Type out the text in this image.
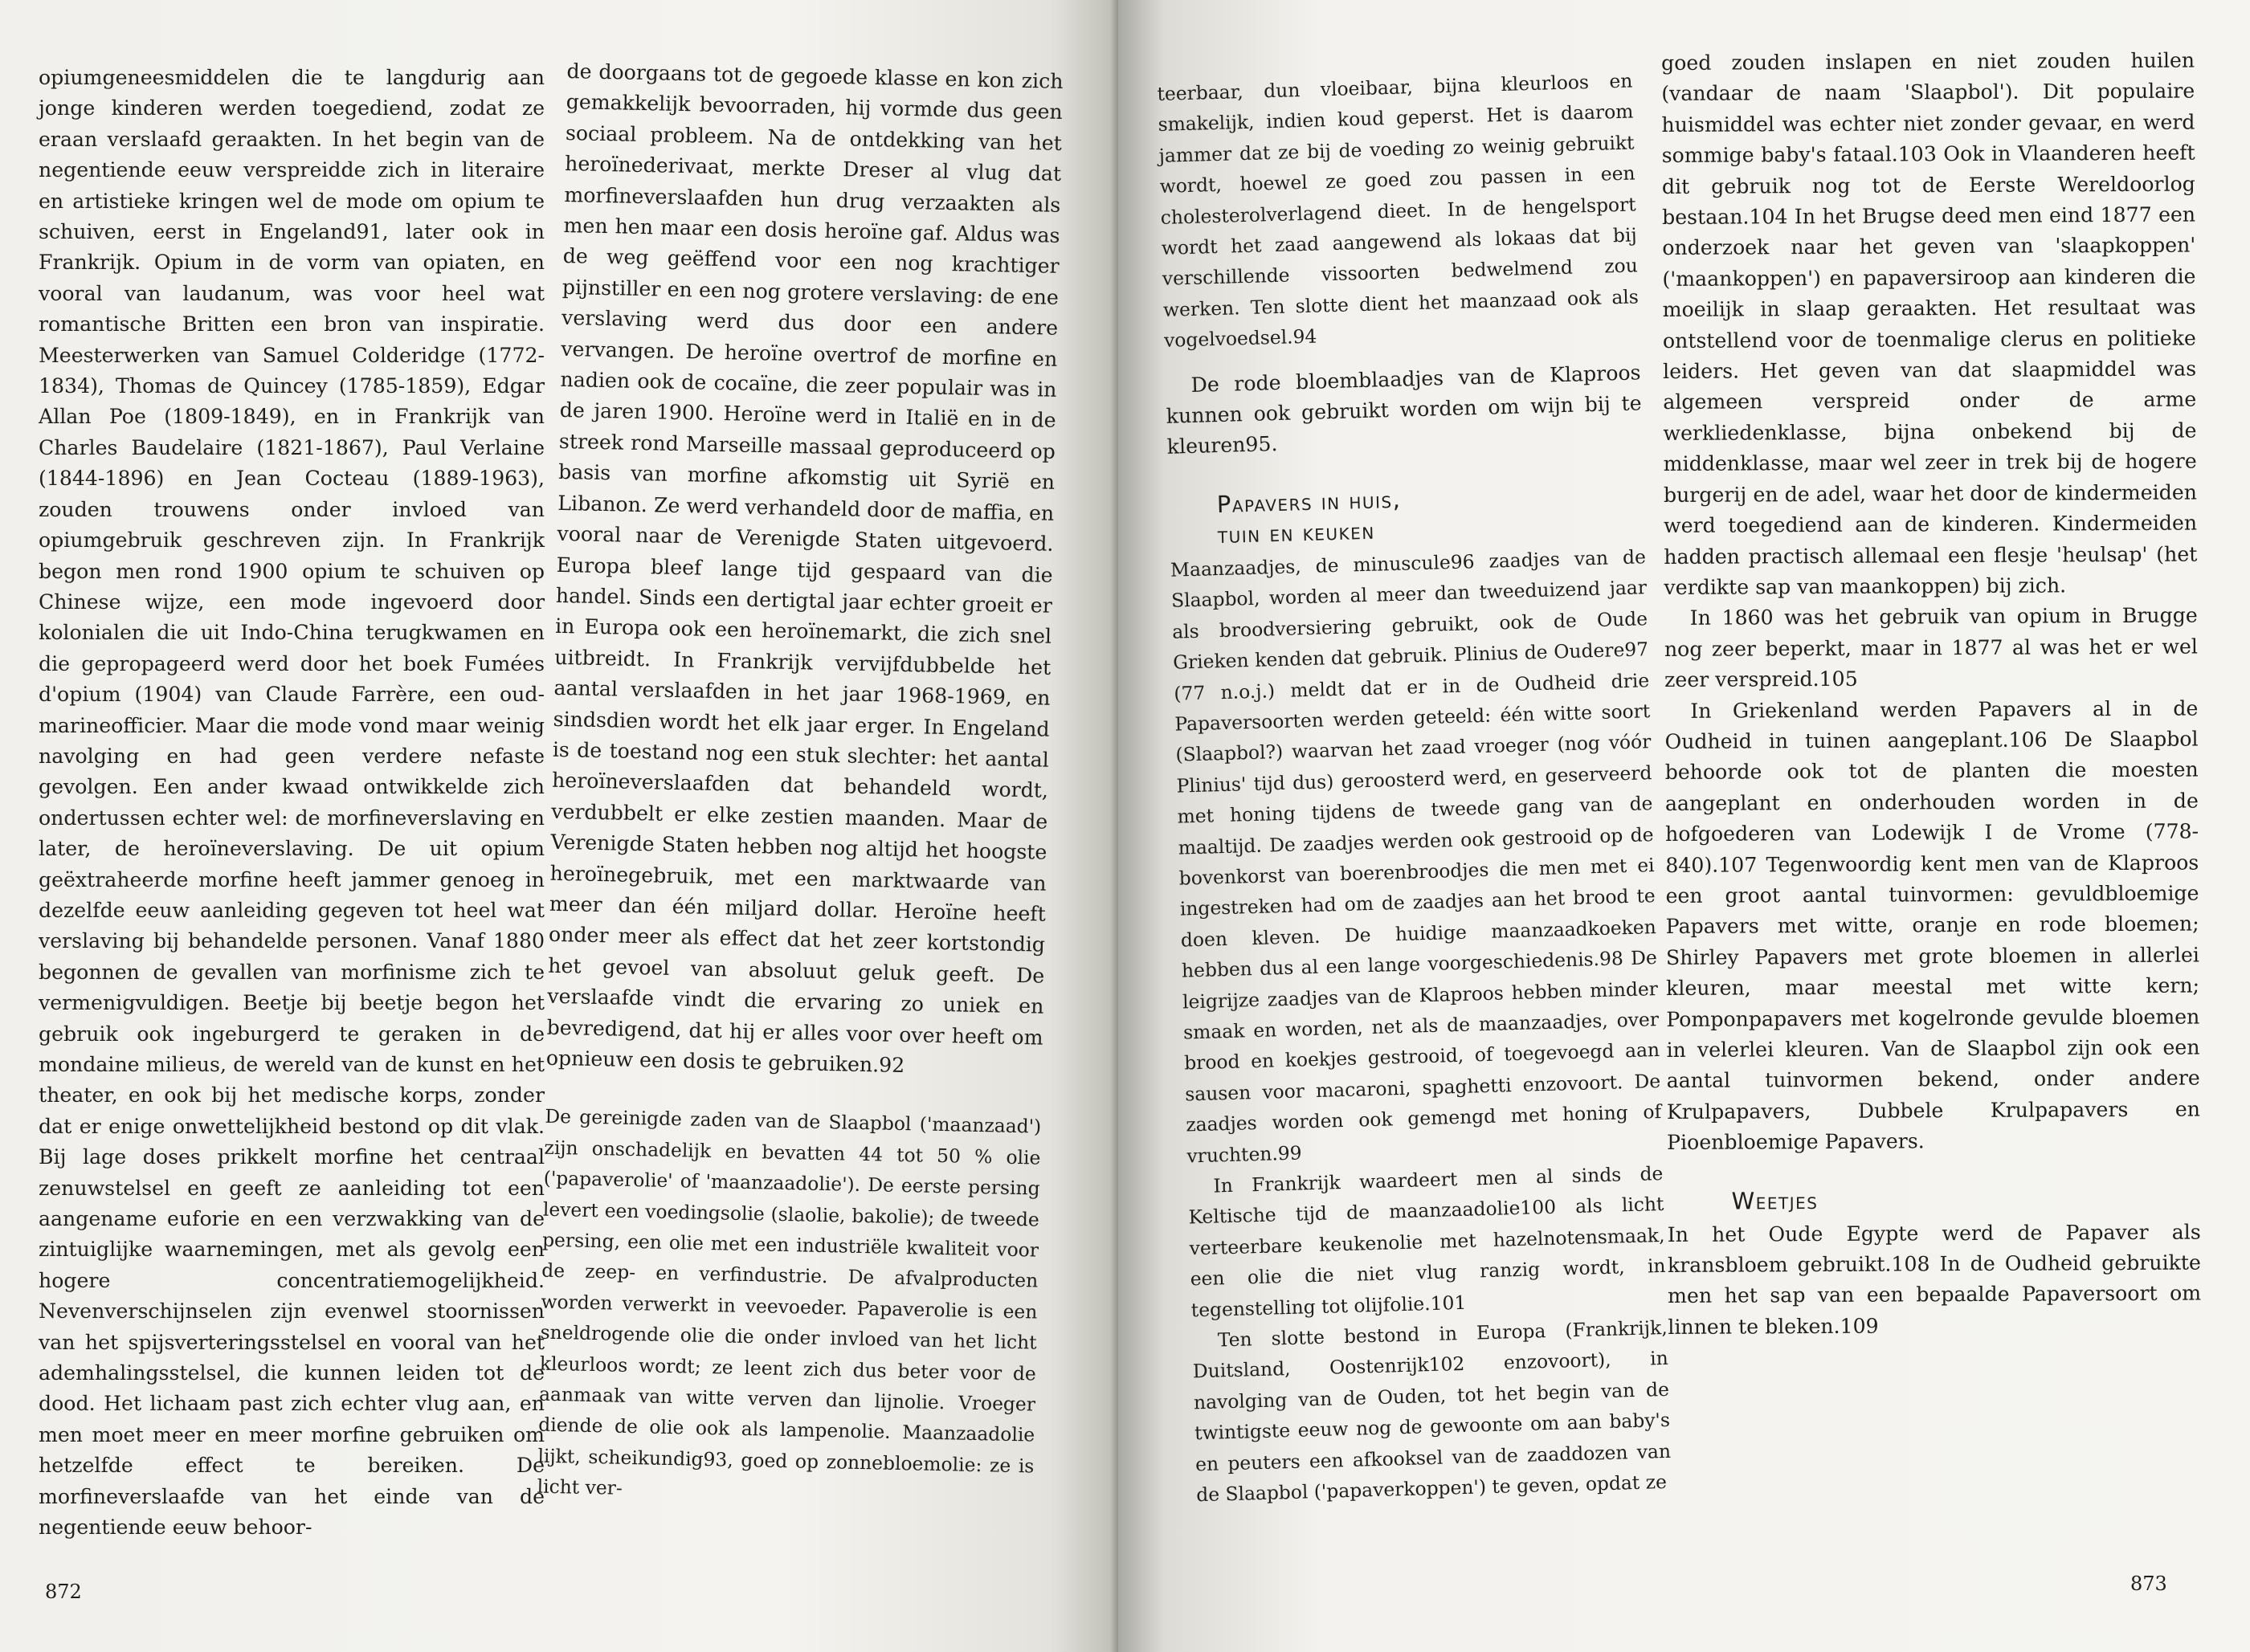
opiumgeneesmiddelen die te langdurig aan jonge kinderen werden toegediend, zodat ze eraan verslaafd geraakten. In het begin van de negentiende eeuw verspreidde zich in literaire en artistieke kringen wel de mode om opium te schuiven, eerst in Engeland91, later ook in Frankrijk. Opium in de vorm van opiaten, en vooral van laudanum, was voor heel wat romantische Britten een bron van inspiratie. Meesterwerken van Samuel Colderidge (1772-1834), Thomas de Quincey (1785-1859), Edgar Allan Poe (1809-1849), en in Frankrijk van Charles Baudelaire (1821-1867), Paul Verlaine (1844-1896) en Jean Cocteau (1889-1963), zouden trouwens onder invloed van opiumgebruik geschreven zijn. In Frankrijk begon men rond 1900 opium te schuiven op Chinese wijze, een mode ingevoerd door kolonialen die uit Indo-China terugkwamen en die gepropageerd werd door het boek Fumées d'opium (1904) van Claude Farrère, een oud-marineofficier. Maar die mode vond maar weinig navolging en had geen verdere nefaste gevolgen. Een ander kwaad ontwikkelde zich ondertussen echter wel: de morfineverslaving en later, de heroïneverslaving. De uit opium geëxtraheerde morfine heeft jammer genoeg in dezelfde eeuw aanleiding gegeven tot heel wat verslaving bij behandelde personen. Vanaf 1880 begonnen de gevallen van morfinisme zich te vermenigvuldigen. Beetje bij beetje begon het gebruik ook ingeburgerd te geraken in de mondaine milieus, de wereld van de kunst en het theater, en ook bij het medische korps, zonder dat er enige onwettelijkheid bestond op dit vlak. Bij lage doses prikkelt morfine het centraal zenuwstelsel en geeft ze aanleiding tot een aangename euforie en een verzwakking van de zintuiglijke waarnemingen, met als gevolg een hogere concentratiemogelijkheid. Nevenverschijnselen zijn evenwel stoornissen van het spijsverteringsstelsel en vooral van het ademhalingsstelsel, die kunnen leiden tot de dood. Het lichaam past zich echter vlug aan, en men moet meer en meer morfine gebruiken om hetzelfde effect te bereiken. De morfineverslaafde van het einde van de negentiende eeuw behoor-

de doorgaans tot de gegoede klasse en kon zich gemakkelijk bevoorraden, hij vormde dus geen sociaal probleem. Na de ontdekking van het heroïnederivaat, merkte Dreser al vlug dat morfineverslaafden hun drug verzaakten als men hen maar een dosis heroïne gaf. Aldus was de weg geëffend voor een nog krachtiger pijnstiller en een nog grotere verslaving: de ene verslaving werd dus door een andere vervangen. De heroïne overtrof de morfine en nadien ook de cocaïne, die zeer populair was in de jaren 1900. Heroïne werd in Italië en in de streek rond Marseille massaal geproduceerd op basis van morfine afkomstig uit Syrië en Libanon. Ze werd verhandeld door de maffia, en vooral naar de Verenigde Staten uitgevoerd. Europa bleef lange tijd gespaard van die handel. Sinds een dertigtal jaar echter groeit er in Europa ook een heroïnemarkt, die zich snel uitbreidt. In Frankrijk vervijfdubbelde het aantal verslaafden in het jaar 1968-1969, en sindsdien wordt het elk jaar erger. In Engeland is de toestand nog een stuk slechter: het aantal heroïneverslaafden dat behandeld wordt, verdubbelt er elke zestien maanden. Maar de Verenigde Staten hebben nog altijd het hoogste heroïnegebruik, met een marktwaarde van meer dan één miljard dollar. Heroïne heeft onder meer als effect dat het zeer kortstondig het gevoel van absoluut geluk geeft. De verslaafde vindt die ervaring zo uniek en bevredigend, dat hij er alles voor over heeft om opnieuw een dosis te gebruiken.92

De gereinigde zaden van de Slaapbol ('maanzaad') zijn onschadelijk en bevatten 44 tot 50 % olie ('papaverolie' of 'maanzaadolie'). De eerste persing levert een voedingsolie (slaolie, bakolie); de tweede persing, een olie met een industriële kwaliteit voor de zeep- en verfindustrie. De afvalproducten worden verwerkt in veevoeder. Papaverolie is een sneldrogende olie die onder invloed van het licht kleurloos wordt; ze leent zich dus beter voor de aanmaak van witte verven dan lijnolie. Vroeger diende de olie ook als lampenolie. Maanzaadolie lijkt, scheikundig93, goed op zonnebloemolie: ze is licht ver-

872

teerbaar, dun vloeibaar, bijna kleurloos en smakelijk, indien koud geperst. Het is daarom jammer dat ze bij de voeding zo weinig gebruikt wordt, hoewel ze goed zou passen in een cholesterolverlagend dieet. In de hengelsport wordt het zaad aangewend als lokaas dat bij verschillende vissoorten bedwelmend zou werken. Ten slotte dient het maanzaad ook als vogelvoedsel.94

De rode bloemblaadjes van de Klaproos kunnen ook gebruikt worden om wijn bij te kleuren95.

Papavers in huis,
tuin en keuken

Maanzaadjes, de minuscule96 zaadjes van de Slaapbol, worden al meer dan tweeduizend jaar als broodversiering gebruikt, ook de Oude Grieken kenden dat gebruik. Plinius de Oudere97 (77 n.o.j.) meldt dat er in de Oudheid drie Papaversoorten werden geteeld: één witte soort (Slaapbol?) waarvan het zaad vroeger (nog vóór Plinius' tijd dus) geroosterd werd, en geserveerd met honing tijdens de tweede gang van de maaltijd. De zaadjes werden ook gestrooid op de bovenkorst van boerenbroodjes die men met ei ingestreken had om de zaadjes aan het brood te doen kleven. De huidige maanzaadkoeken hebben dus al een lange voorgeschiedenis.98 De leigrijze zaadjes van de Klaproos hebben minder smaak en worden, net als de maanzaadjes, over brood en koekjes gestrooid, of toegevoegd aan sausen voor macaroni, spaghetti enzovoort. De zaadjes worden ook gemengd met honing of vruchten.99

In Frankrijk waardeert men al sinds de Keltische tijd de maanzaadolie100 als licht verteerbare keukenolie met hazelnotensmaak, een olie die niet vlug ranzig wordt, in tegenstelling tot olijfolie.101

Ten slotte bestond in Europa (Frankrijk, Duitsland, Oostenrijk102 enzovoort), in navolging van de Ouden, tot het begin van de twintigste eeuw nog de gewoonte om aan baby's en peuters een afkooksel van de zaaddozen van de Slaapbol ('papaverkoppen') te geven, opdat ze

goed zouden inslapen en niet zouden huilen (vandaar de naam 'Slaapbol'). Dit populaire huismiddel was echter niet zonder gevaar, en werd sommige baby's fataal.103 Ook in Vlaanderen heeft dit gebruik nog tot de Eerste Wereldoorlog bestaan.104 In het Brugse deed men eind 1877 een onderzoek naar het geven van 'slaapkoppen' ('maankoppen') en papaversiroop aan kinderen die moeilijk in slaap geraakten. Het resultaat was ontstellend voor de toenmalige clerus en politieke leiders. Het geven van dat slaapmiddel was algemeen verspreid onder de arme werkliedenklasse, bijna onbekend bij de middenklasse, maar wel zeer in trek bij de hogere burgerij en de adel, waar het door de kindermeiden werd toegediend aan de kinderen. Kindermeiden hadden practisch allemaal een flesje 'heulsap' (het verdikte sap van maankoppen) bij zich.

In 1860 was het gebruik van opium in Brugge nog zeer beperkt, maar in 1877 al was het er wel zeer verspreid.105

In Griekenland werden Papavers al in de Oudheid in tuinen aangeplant.106 De Slaapbol behoorde ook tot de planten die moesten aangeplant en onderhouden worden in de hofgoederen van Lodewijk I de Vrome (778-840).107 Tegenwoordig kent men van de Klaproos een groot aantal tuinvormen: gevuldbloemige Papavers met witte, oranje en rode bloemen; Shirley Papavers met grote bloemen in allerlei kleuren, maar meestal met witte kern; Pomponpapavers met kogelronde gevulde bloemen in velerlei kleuren. Van de Slaapbol zijn ook een aantal tuinvormen bekend, onder andere Krulpapavers, Dubbele Krulpapavers en Pioenbloemige Papavers.

Weetjes

In het Oude Egypte werd de Papaver als kransbloem gebruikt.108 In de Oudheid gebruikte men het sap van een bepaalde Papaversoort om linnen te bleken.109

873
